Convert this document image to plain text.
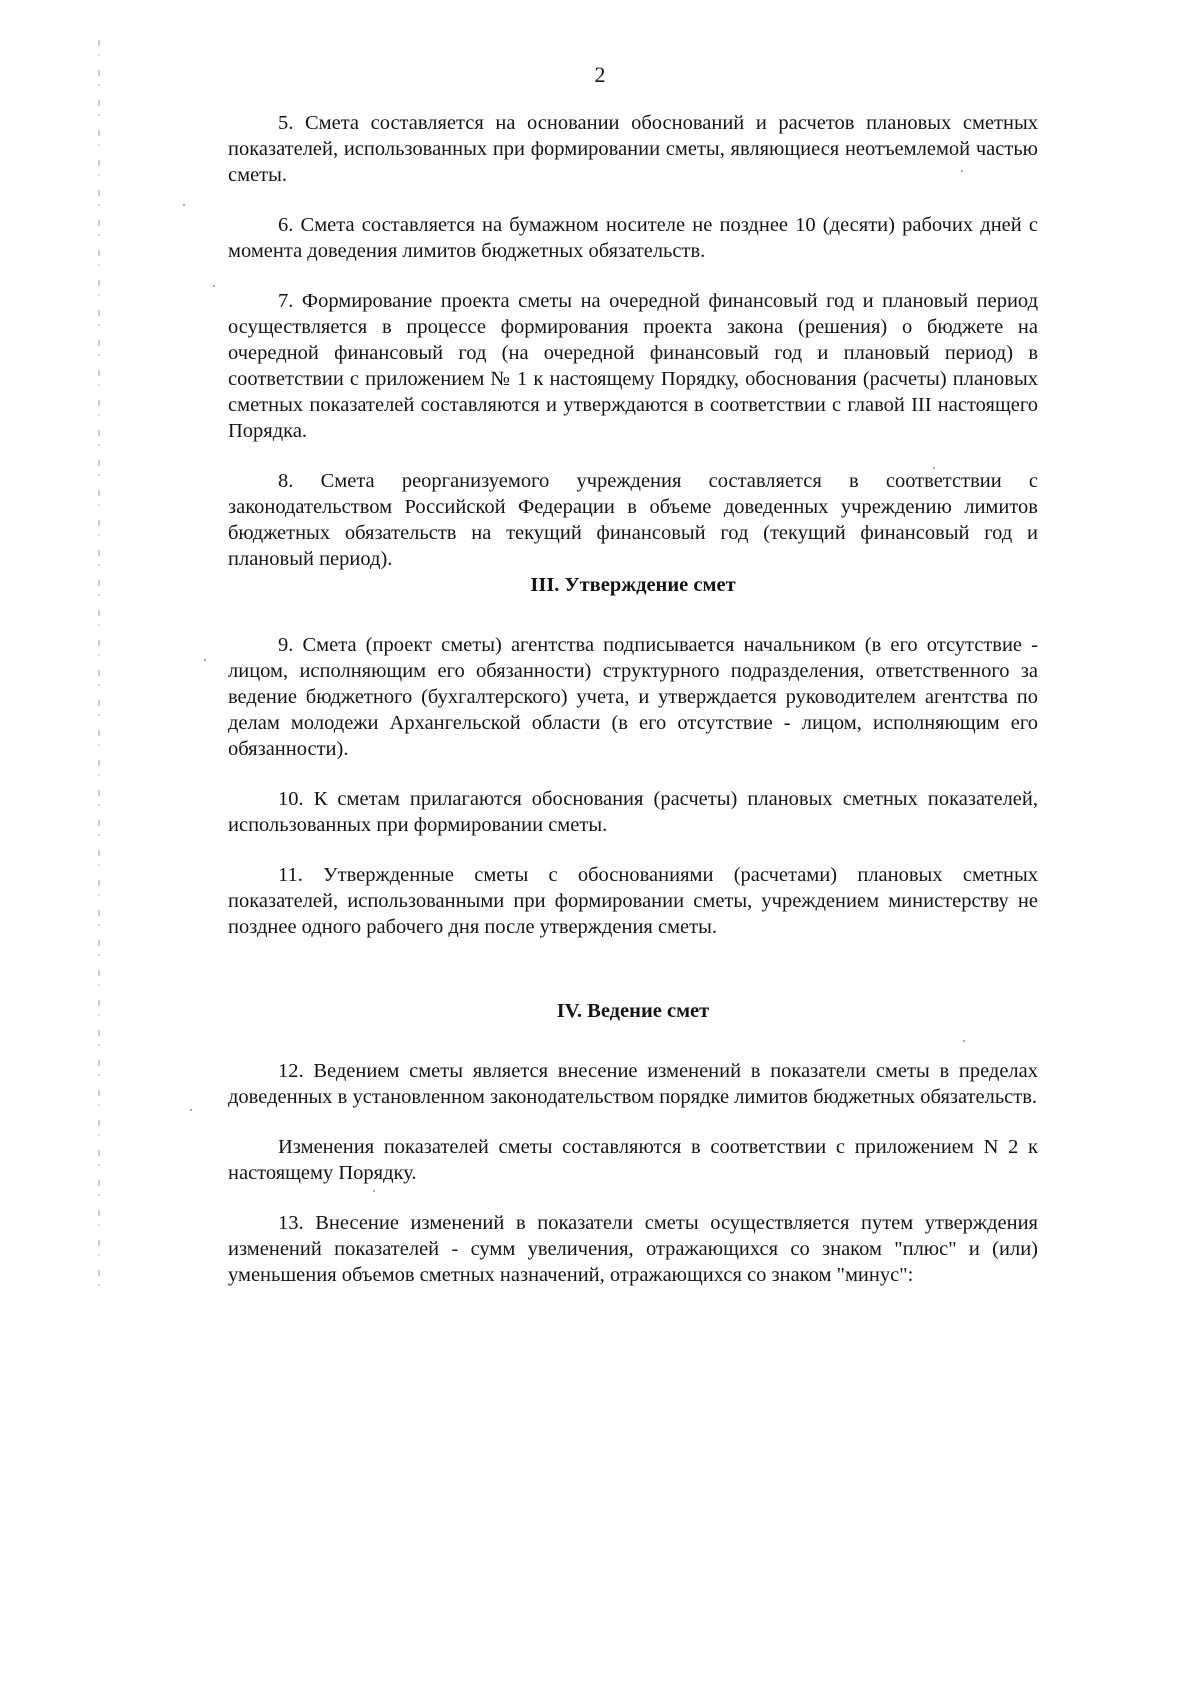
2

5. Смета составляется на основании обоснований и расчетов плановых сметных показателей, использованных при формировании сметы, являющиеся неотъемлемой частью сметы.

6. Смета составляется на бумажном носителе не позднее 10 (десяти) рабочих дней с момента доведения лимитов бюджетных обязательств.

7. Формирование проекта сметы на очередной финансовый год и плановый период осуществляется в процессе формирования проекта закона (решения) о бюджете на очередной финансовый год (на очередной финансовый год и плановый период) в соответствии с приложением № 1 к настоящему Порядку, обоснования (расчеты) плановых сметных показателей составляются и утверждаются в соответствии с главой III настоящего Порядка.

8. Смета реорганизуемого учреждения составляется в соответствии с законодательством Российской Федерации в объеме доведенных учреждению лимитов бюджетных обязательств на текущий финансовый год (текущий финансовый год и плановый период).

III. Утверждение смет

9. Смета (проект сметы) агентства подписывается начальником (в его отсутствие - лицом, исполняющим его обязанности) структурного подразделения, ответственного за ведение бюджетного (бухгалтерского) учета, и утверждается руководителем агентства по делам молодежи Архангельской области (в его отсутствие - лицом, исполняющим его обязанности).

10. К сметам прилагаются обоснования (расчеты) плановых сметных показателей, использованных при формировании сметы.

11. Утвержденные сметы с обоснованиями (расчетами) плановых сметных показателей, использованными при формировании сметы, учреждением министерству не позднее одного рабочего дня после утверждения сметы.

IV. Ведение смет

12. Ведением сметы является внесение изменений в показатели сметы в пределах доведенных в установленном законодательством порядке лимитов бюджетных обязательств.

Изменения показателей сметы составляются в соответствии с приложением N 2 к настоящему Порядку.

13. Внесение изменений в показатели сметы осуществляется путем утверждения изменений показателей - сумм увеличения, отражающихся со знаком "плюс" и (или) уменьшения объемов сметных назначений, отражающихся со знаком "минус":
